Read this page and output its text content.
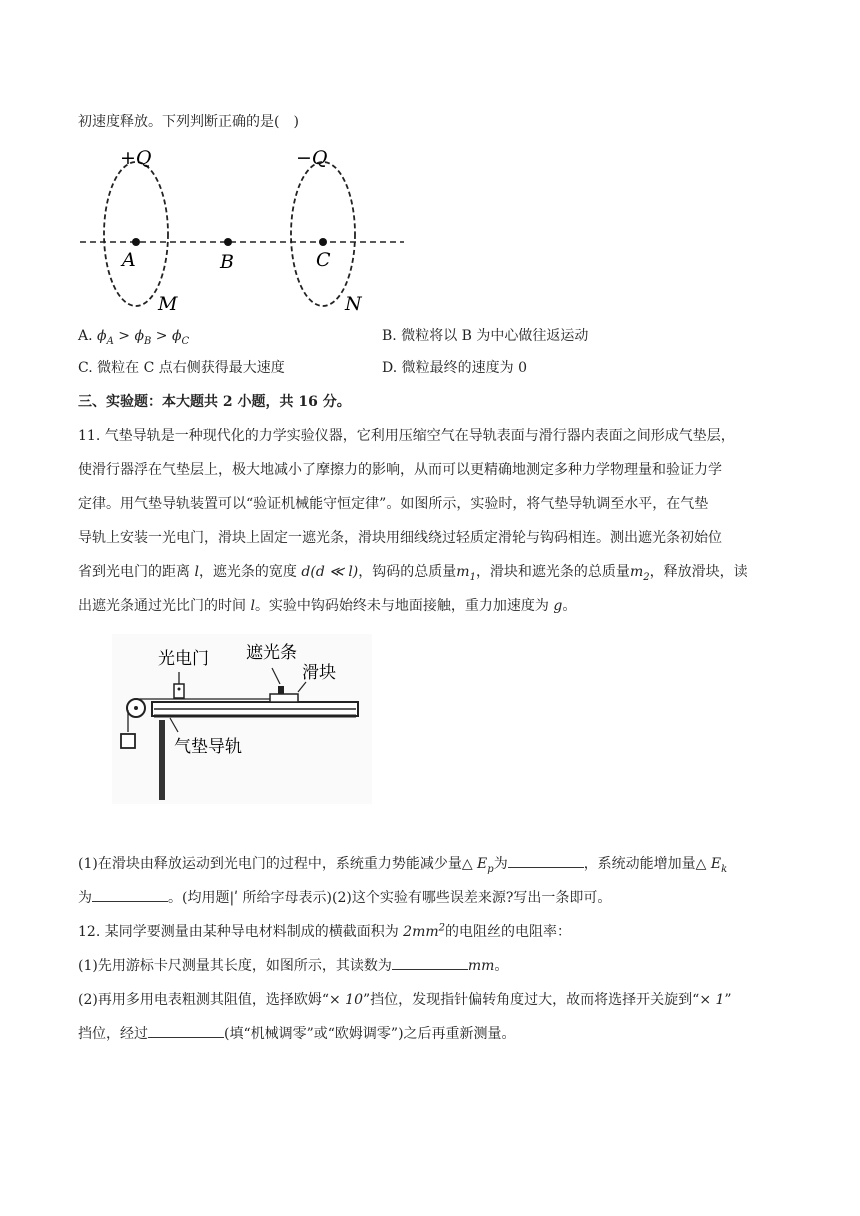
初速度释放。下列判断正确的是(　)
+Q	−Q
A	B	C
M	N
A. $\phi_A > \phi_B > \phi_C$	B. 微粒将以 B 为中心做往返运动
C. 微粒在 C 点右侧获得最大速度	D. 微粒最终的速度为 0
三、实验题：本大题共 2 小题，共 16 分。
11. 气垫导轨是一种现代化的力学实验仪器，它利用压缩空气在导轨表面与滑行器内表面之间形成气垫层，
使滑行器浮在气垫层上，极大地减小了摩擦力的影响，从而可以更精确地测定多种力学物理量和验证力学
定律。用气垫导轨装置可以“验证机械能守恒定律”。如图所示，实验时，将气垫导轨调至水平，在气垫
导轨上安装一光电门，滑块上固定一遮光条，滑块用细线绕过轻质定滑轮与钩码相连。测出遮光条初始位
省到光电门的距离 l，遮光条的宽度 d(d ≪ l)，钩码的总质量$m_1$，滑块和遮光条的总质量$m_2$，释放滑块，读
出遮光条通过光比门的时间 l。实验中钩码始终未与地面接触，重力加速度为 g。
光电门 遮光条
滑块
气垫导轨
(1)在滑块由释放运动到光电门的过程中，系统重力势能减少量△ $E_p$为	，系统动能增加量△ $E_k$
为	。(均用题|ʹ 所给字母表示)(2)这个实验有哪些误差来源?写出一条即可。
12. 某同学要测量由某种导电材料制成的横截面积为 $2mm^2$的电阻丝的电阻率：
(1)先用游标卡尺测量其长度，如图所示，其读数为	mm。
(2)再用多用电表粗测其阻值，选择欧姆“× 10”挡位，发现指针偏转角度过大，故而将选择开关旋到“× 1”
挡位，经过	(填“机械调零”或“欧姆调零”)之后再重新测量。
